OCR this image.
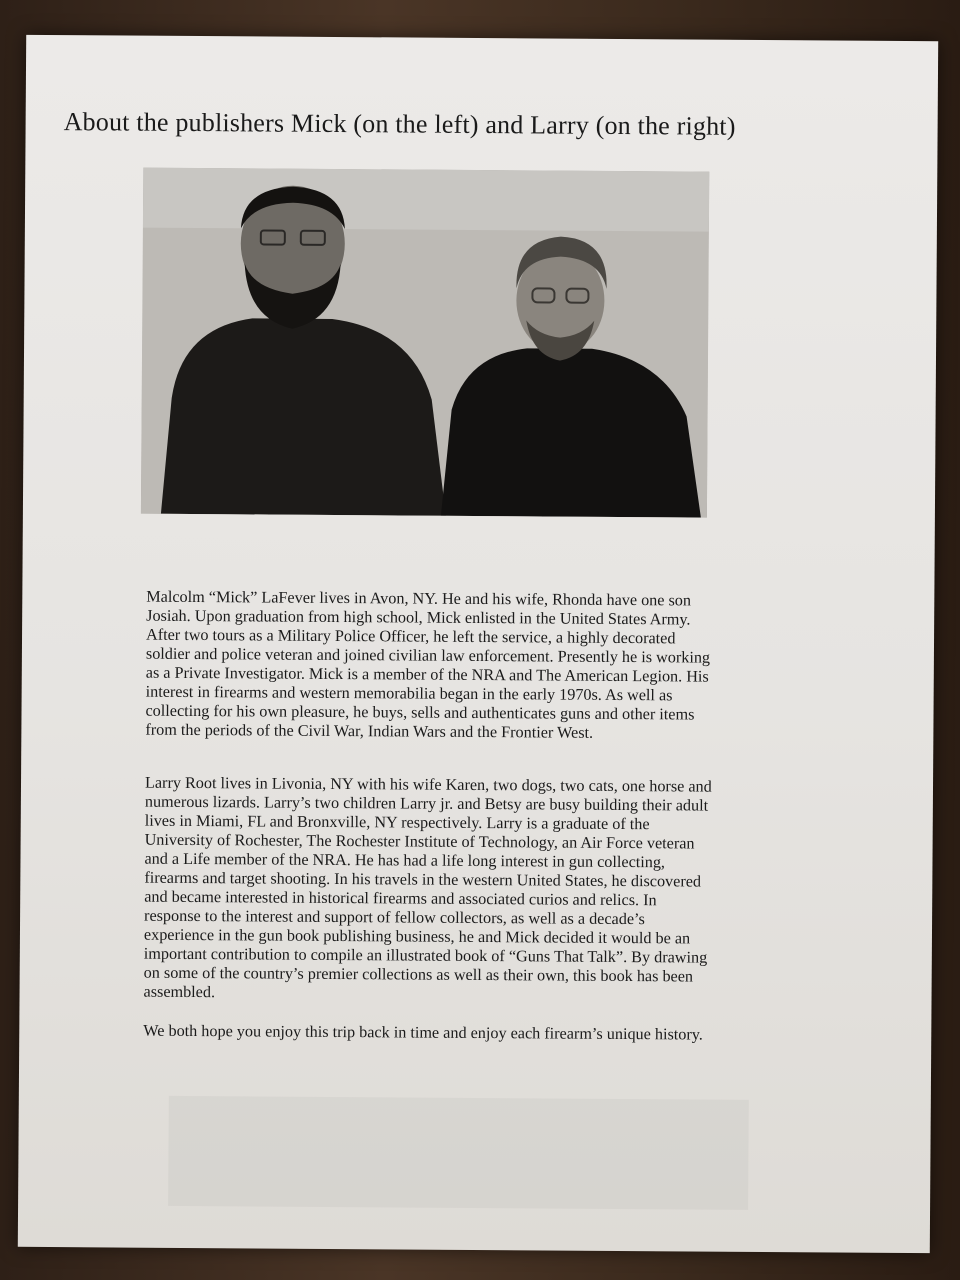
About the publishers Mick (on the left) and Larry (on the right)

Malcolm “Mick” LaFever lives in Avon, NY. He and his wife, Rhonda have one son Josiah. Upon graduation from high school, Mick enlisted in the United States Army. After two tours as a Military Police Officer, he left the service, a highly decorated soldier and police veteran and joined civilian law enforcement. Presently he is working as a Private Investigator. Mick is a member of the NRA and The American Legion. His interest in firearms and western memorabilia began in the early 1970s. As well as collecting for his own pleasure, he buys, sells and authenticates guns and other items from the periods of the Civil War, Indian Wars and the Frontier West.

Larry Root lives in Livonia, NY with his wife Karen, two dogs, two cats, one horse and numerous lizards. Larry’s two children Larry jr. and Betsy are busy building their adult lives in Miami, FL and Bronxville, NY respectively. Larry is a graduate of the University of Rochester, The Rochester Institute of Technology, an Air Force veteran and a Life member of the NRA. He has had a life long interest in gun collecting, firearms and target shooting. In his travels in the western United States, he discovered and became interested in historical firearms and associated curios and relics. In response to the interest and support of fellow collectors, as well as a decade’s experience in the gun book publishing business, he and Mick decided it would be an important contribution to compile an illustrated book of “Guns That Talk”. By drawing on some of the country’s premier collections as well as their own, this book has been assembled.

We both hope you enjoy this trip back in time and enjoy each firearm’s unique history.
